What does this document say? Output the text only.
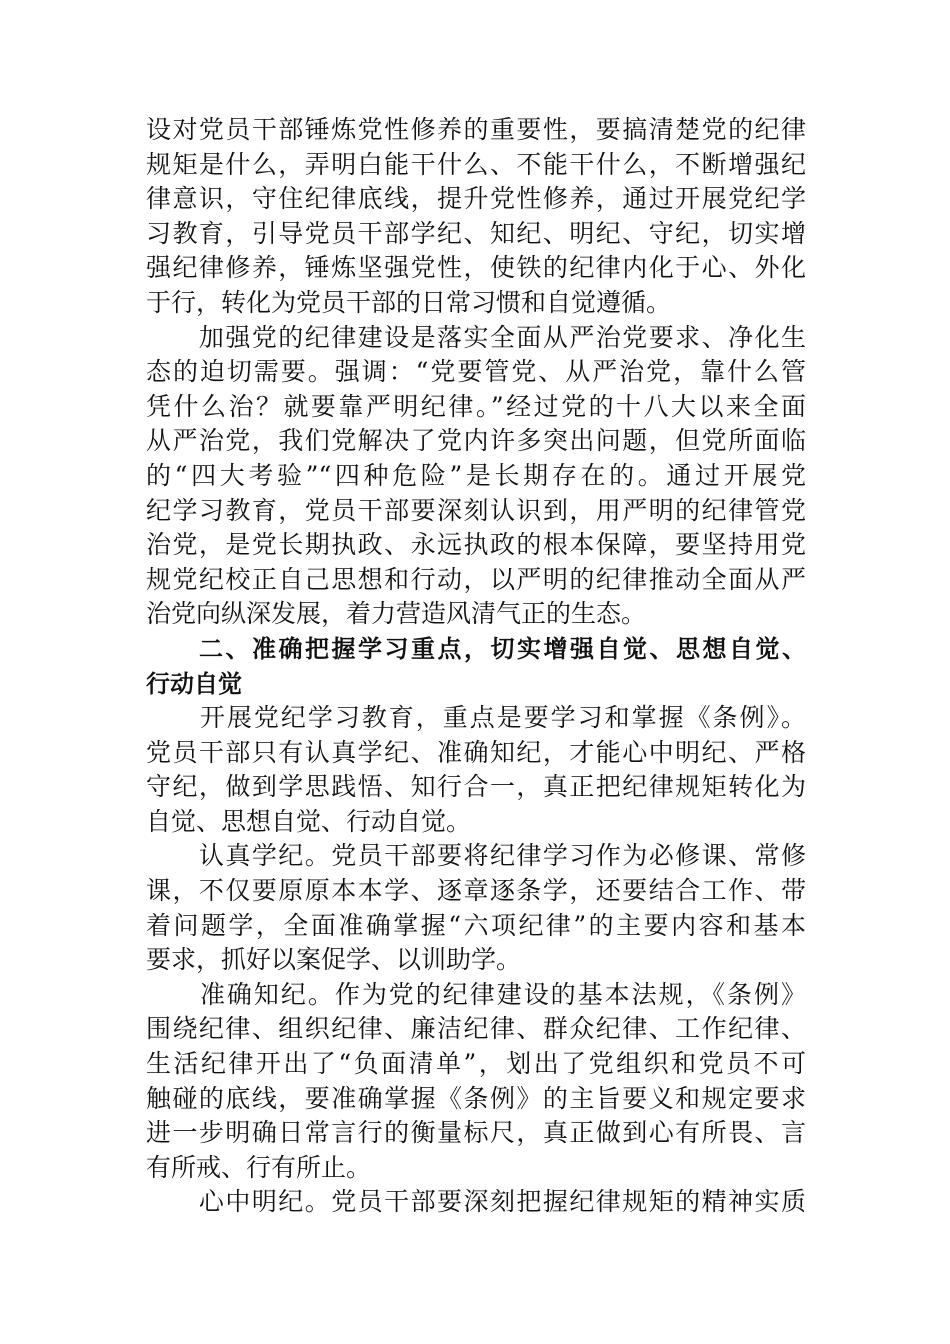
设对党员干部锤炼党性修养的重要性，要搞清楚党的纪律
规矩是什么，弄明白能干什么、不能干什么，不断增强纪
律意识，守住纪律底线，提升党性修养，通过开展党纪学
习教育，引导党员干部学纪、知纪、明纪、守纪，切实增
强纪律修养，锤炼坚强党性，使铁的纪律内化于心、外化
于行，转化为党员干部的日常习惯和自觉遵循。
　　加强党的纪律建设是落实全面从严治党要求、净化生
态的迫切需要。强调：“党要管党、从严治党，靠什么管
凭什么治？就要靠严明纪律。”经过党的十八大以来全面
从严治党，我们党解决了党内许多突出问题，但党所面临
的“四大考验”“四种危险”是长期存在的。通过开展党
纪学习教育，党员干部要深刻认识到，用严明的纪律管党
治党，是党长期执政、永远执政的根本保障，要坚持用党
规党纪校正自己思想和行动，以严明的纪律推动全面从严
治党向纵深发展，着力营造风清气正的生态。
　　二、准确把握学习重点，切实增强自觉、思想自觉、
行动自觉
　　开展党纪学习教育，重点是要学习和掌握《条例》。
党员干部只有认真学纪、准确知纪，才能心中明纪、严格
守纪，做到学思践悟、知行合一，真正把纪律规矩转化为
自觉、思想自觉、行动自觉。
　　认真学纪。党员干部要将纪律学习作为必修课、常修
课，不仅要原原本本学、逐章逐条学，还要结合工作、带
着问题学，全面准确掌握“六项纪律”的主要内容和基本
要求，抓好以案促学、以训助学。
　　准确知纪。作为党的纪律建设的基本法规，《条例》
围绕纪律、组织纪律、廉洁纪律、群众纪律、工作纪律、
生活纪律开出了“负面清单”，划出了党组织和党员不可
触碰的底线，要准确掌握《条例》的主旨要义和规定要求
进一步明确日常言行的衡量标尺，真正做到心有所畏、言
有所戒、行有所止。
　　心中明纪。党员干部要深刻把握纪律规矩的精神实质
